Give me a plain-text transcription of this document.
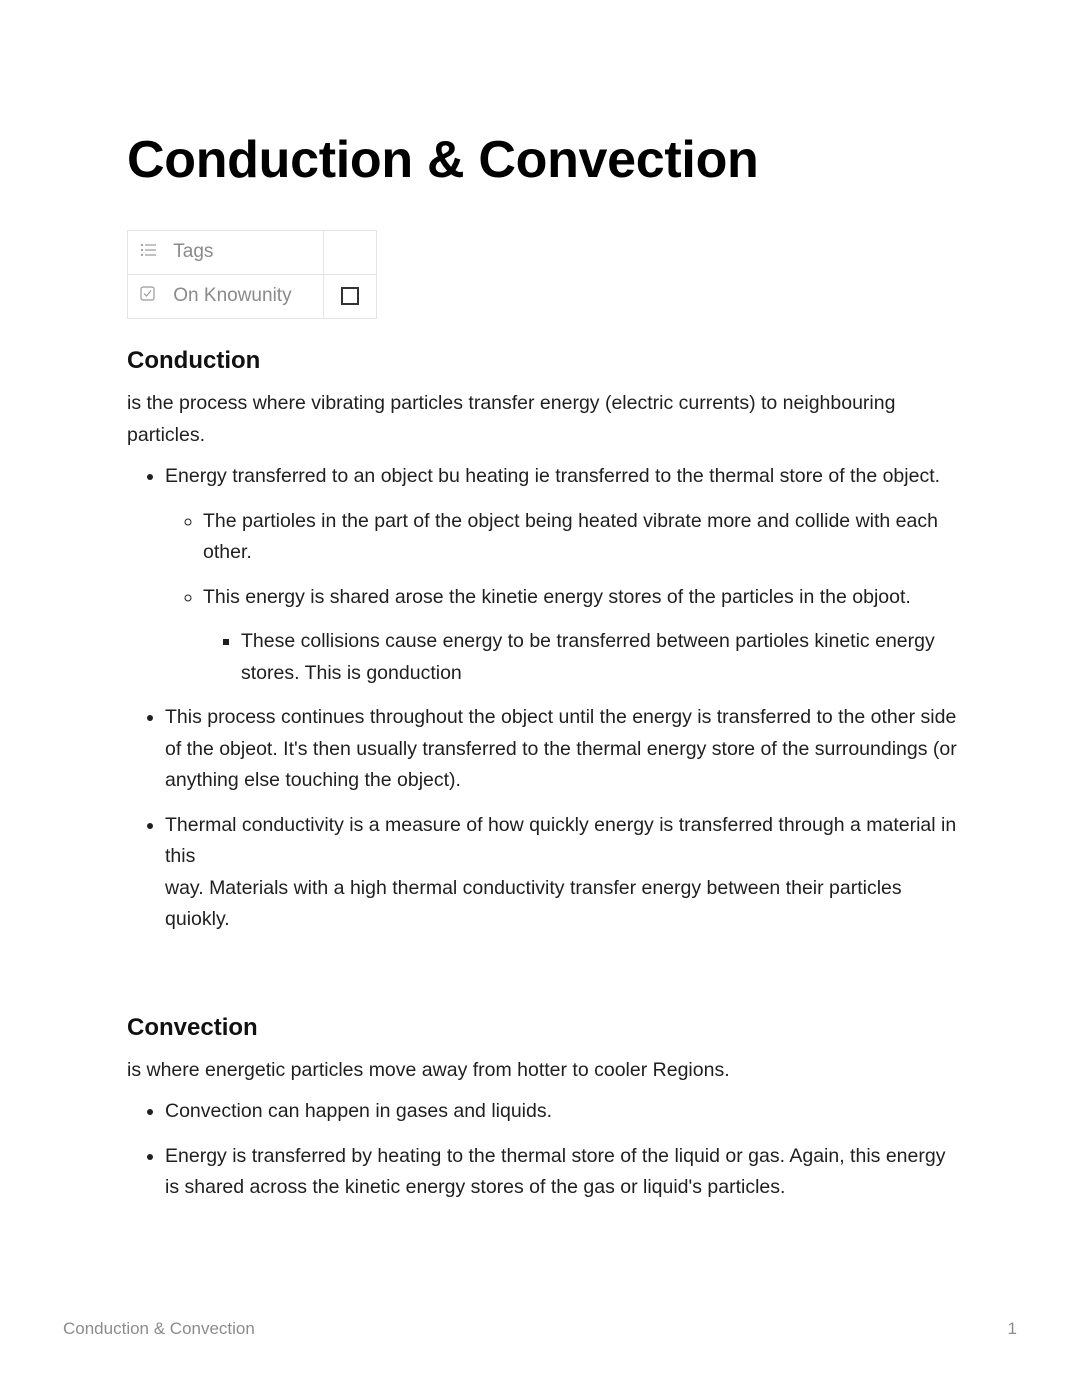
Conduction & Convection
Tags	
On Knowunity	
Conduction

is the process where vibrating particles transfer energy (electric currents) to neighbouring particles.

• Energy transferred to an object bu heating ie transferred to the thermal store of the object.
◦ The partioles in the part of the object being heated vibrate more and collide with each other.
◦ This energy is shared arose the kinetie energy stores of the particles in the objoot.
▪ These collisions cause energy to be transferred between partioles kinetic energy stores. This is gonduction
• This process continues throughout the object until the energy is transferred to the other side of the objeot. It's then usually transferred to the thermal energy store of the surroundings (or anything else touching the object).
• Thermal conductivity is a measure of how quickly energy is transferred through a material in this
way. Materials with a high thermal conductivity transfer energy between their particles quiokly.
Convection

is where energetic particles move away from hotter to cooler Regions.

• Convection can happen in gases and liquids.
• Energy is transferred by heating to the thermal store of the liquid or gas. Again, this energy is shared across the kinetic energy stores of the gas or liquid's particles.
Conduction & Convection	1
